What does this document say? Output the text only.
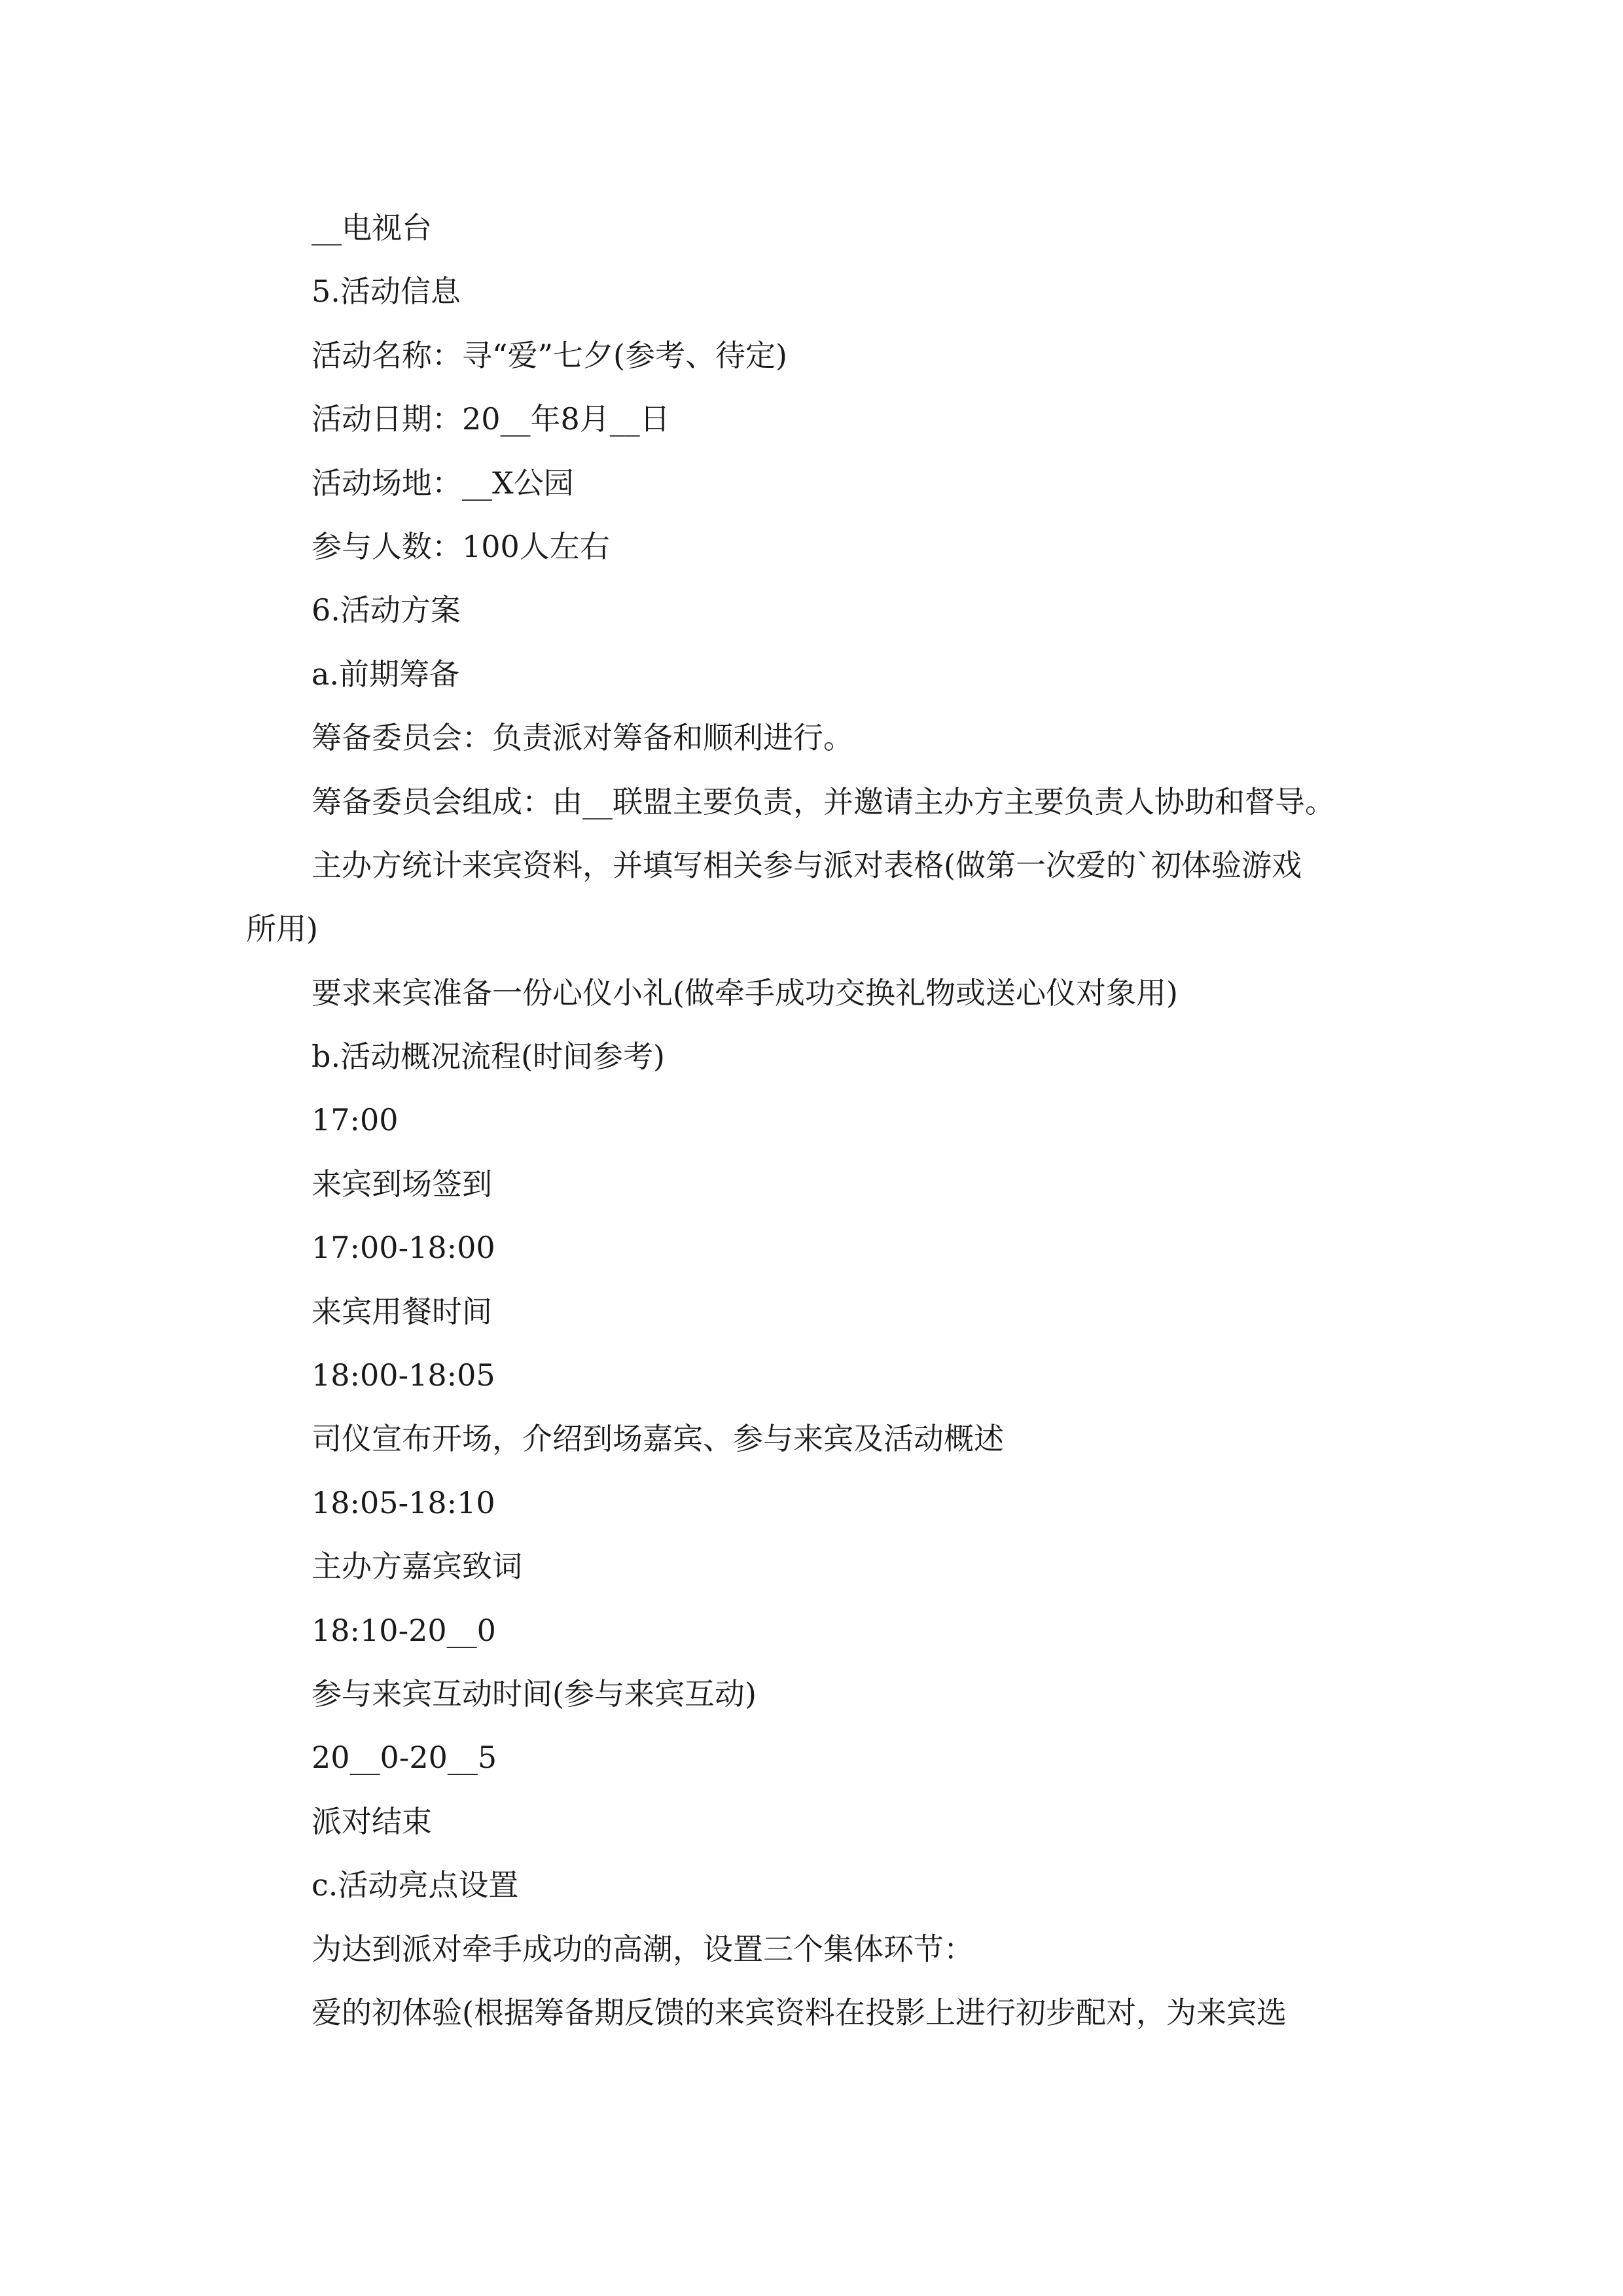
__电视台

5.活动信息

活动名称：寻“爱”七夕(参考、待定)

活动日期：20__年8月__日

活动场地：__X公园

参与人数：100人左右

6.活动方案

a.前期筹备

筹备委员会：负责派对筹备和顺利进行。

筹备委员会组成：由__联盟主要负责，并邀请主办方主要负责人协助和督导。

主办方统计来宾资料，并填写相关参与派对表格(做第一次爱的`初体验游戏

所用)

要求来宾准备一份心仪小礼(做牵手成功交换礼物或送心仪对象用)

b.活动概况流程(时间参考)

17:00

来宾到场签到

17:00-18:00

来宾用餐时间

18:00-18:05

司仪宣布开场，介绍到场嘉宾、参与来宾及活动概述

18:05-18:10

主办方嘉宾致词

18:10-20__0

参与来宾互动时间(参与来宾互动)

20__0-20__5

派对结束

c.活动亮点设置

为达到派对牵手成功的高潮，设置三个集体环节：

爱的初体验(根据筹备期反馈的来宾资料在投影上进行初步配对，为来宾选
